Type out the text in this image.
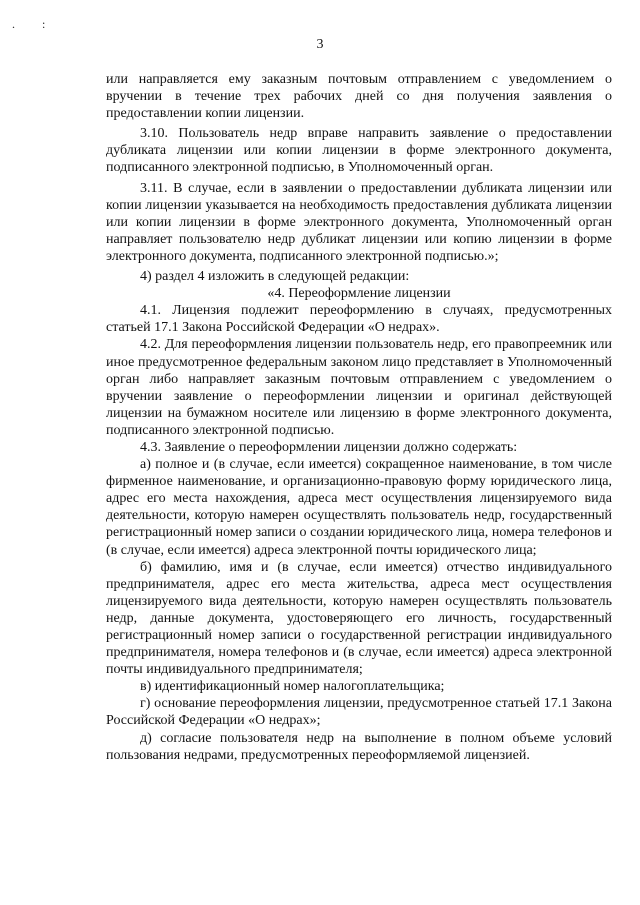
. :
3

или направляется ему заказным почтовым отправлением с уведомлением о вручении в течение трех рабочих дней со дня получения заявления о предоставлении копии лицензии.

3.10. Пользователь недр вправе направить заявление о предоставлении дубликата лицензии или копии лицензии в форме электронного документа, подписанного электронной подписью, в Уполномоченный орган.

3.11. В случае, если в заявлении о предоставлении дубликата лицензии или копии лицензии указывается на необходимость предоставления дубликата лицензии или копии лицензии в форме электронного документа, Уполномоченный орган направляет пользователю недр дубликат лицензии или копию лицензии в форме электронного документа, подписанного электронной подписью.»;

4) раздел 4 изложить в следующей редакции:

«4. Переоформление лицензии

4.1. Лицензия подлежит переоформлению в случаях, предусмотренных статьей 17.1 Закона Российской Федерации «О недрах».

4.2. Для переоформления лицензии пользователь недр, его правопреемник или иное предусмотренное федеральным законом лицо представляет в Уполномоченный орган либо направляет заказным почтовым отправлением с уведомлением о вручении заявление о переоформлении лицензии и оригинал действующей лицензии на бумажном носителе или лицензию в форме электронного документа, подписанного электронной подписью.

4.3. Заявление о переоформлении лицензии должно содержать:

а) полное и (в случае, если имеется) сокращенное наименование, в том числе фирменное наименование, и организационно-правовую форму юридического лица, адрес его места нахождения, адреса мест осуществления лицензируемого вида деятельности, которую намерен осуществлять пользователь недр, государственный регистрационный номер записи о создании юридического лица, номера телефонов и (в случае, если имеется) адреса электронной почты юридического лица;

б) фамилию, имя и (в случае, если имеется) отчество индивидуального предпринимателя, адрес его места жительства, адреса мест осуществления лицензируемого вида деятельности, которую намерен осуществлять пользователь недр, данные документа, удостоверяющего его личность, государственный регистрационный номер записи о государственной регистрации индивидуального предпринимателя, номера телефонов и (в случае, если имеется) адреса электронной почты индивидуального предпринимателя;

в) идентификационный номер налогоплательщика;

г) основание переоформления лицензии, предусмотренное статьей 17.1 Закона Российской Федерации «О недрах»;

д) согласие пользователя недр на выполнение в полном объеме условий пользования недрами, предусмотренных переоформляемой лицензией.
